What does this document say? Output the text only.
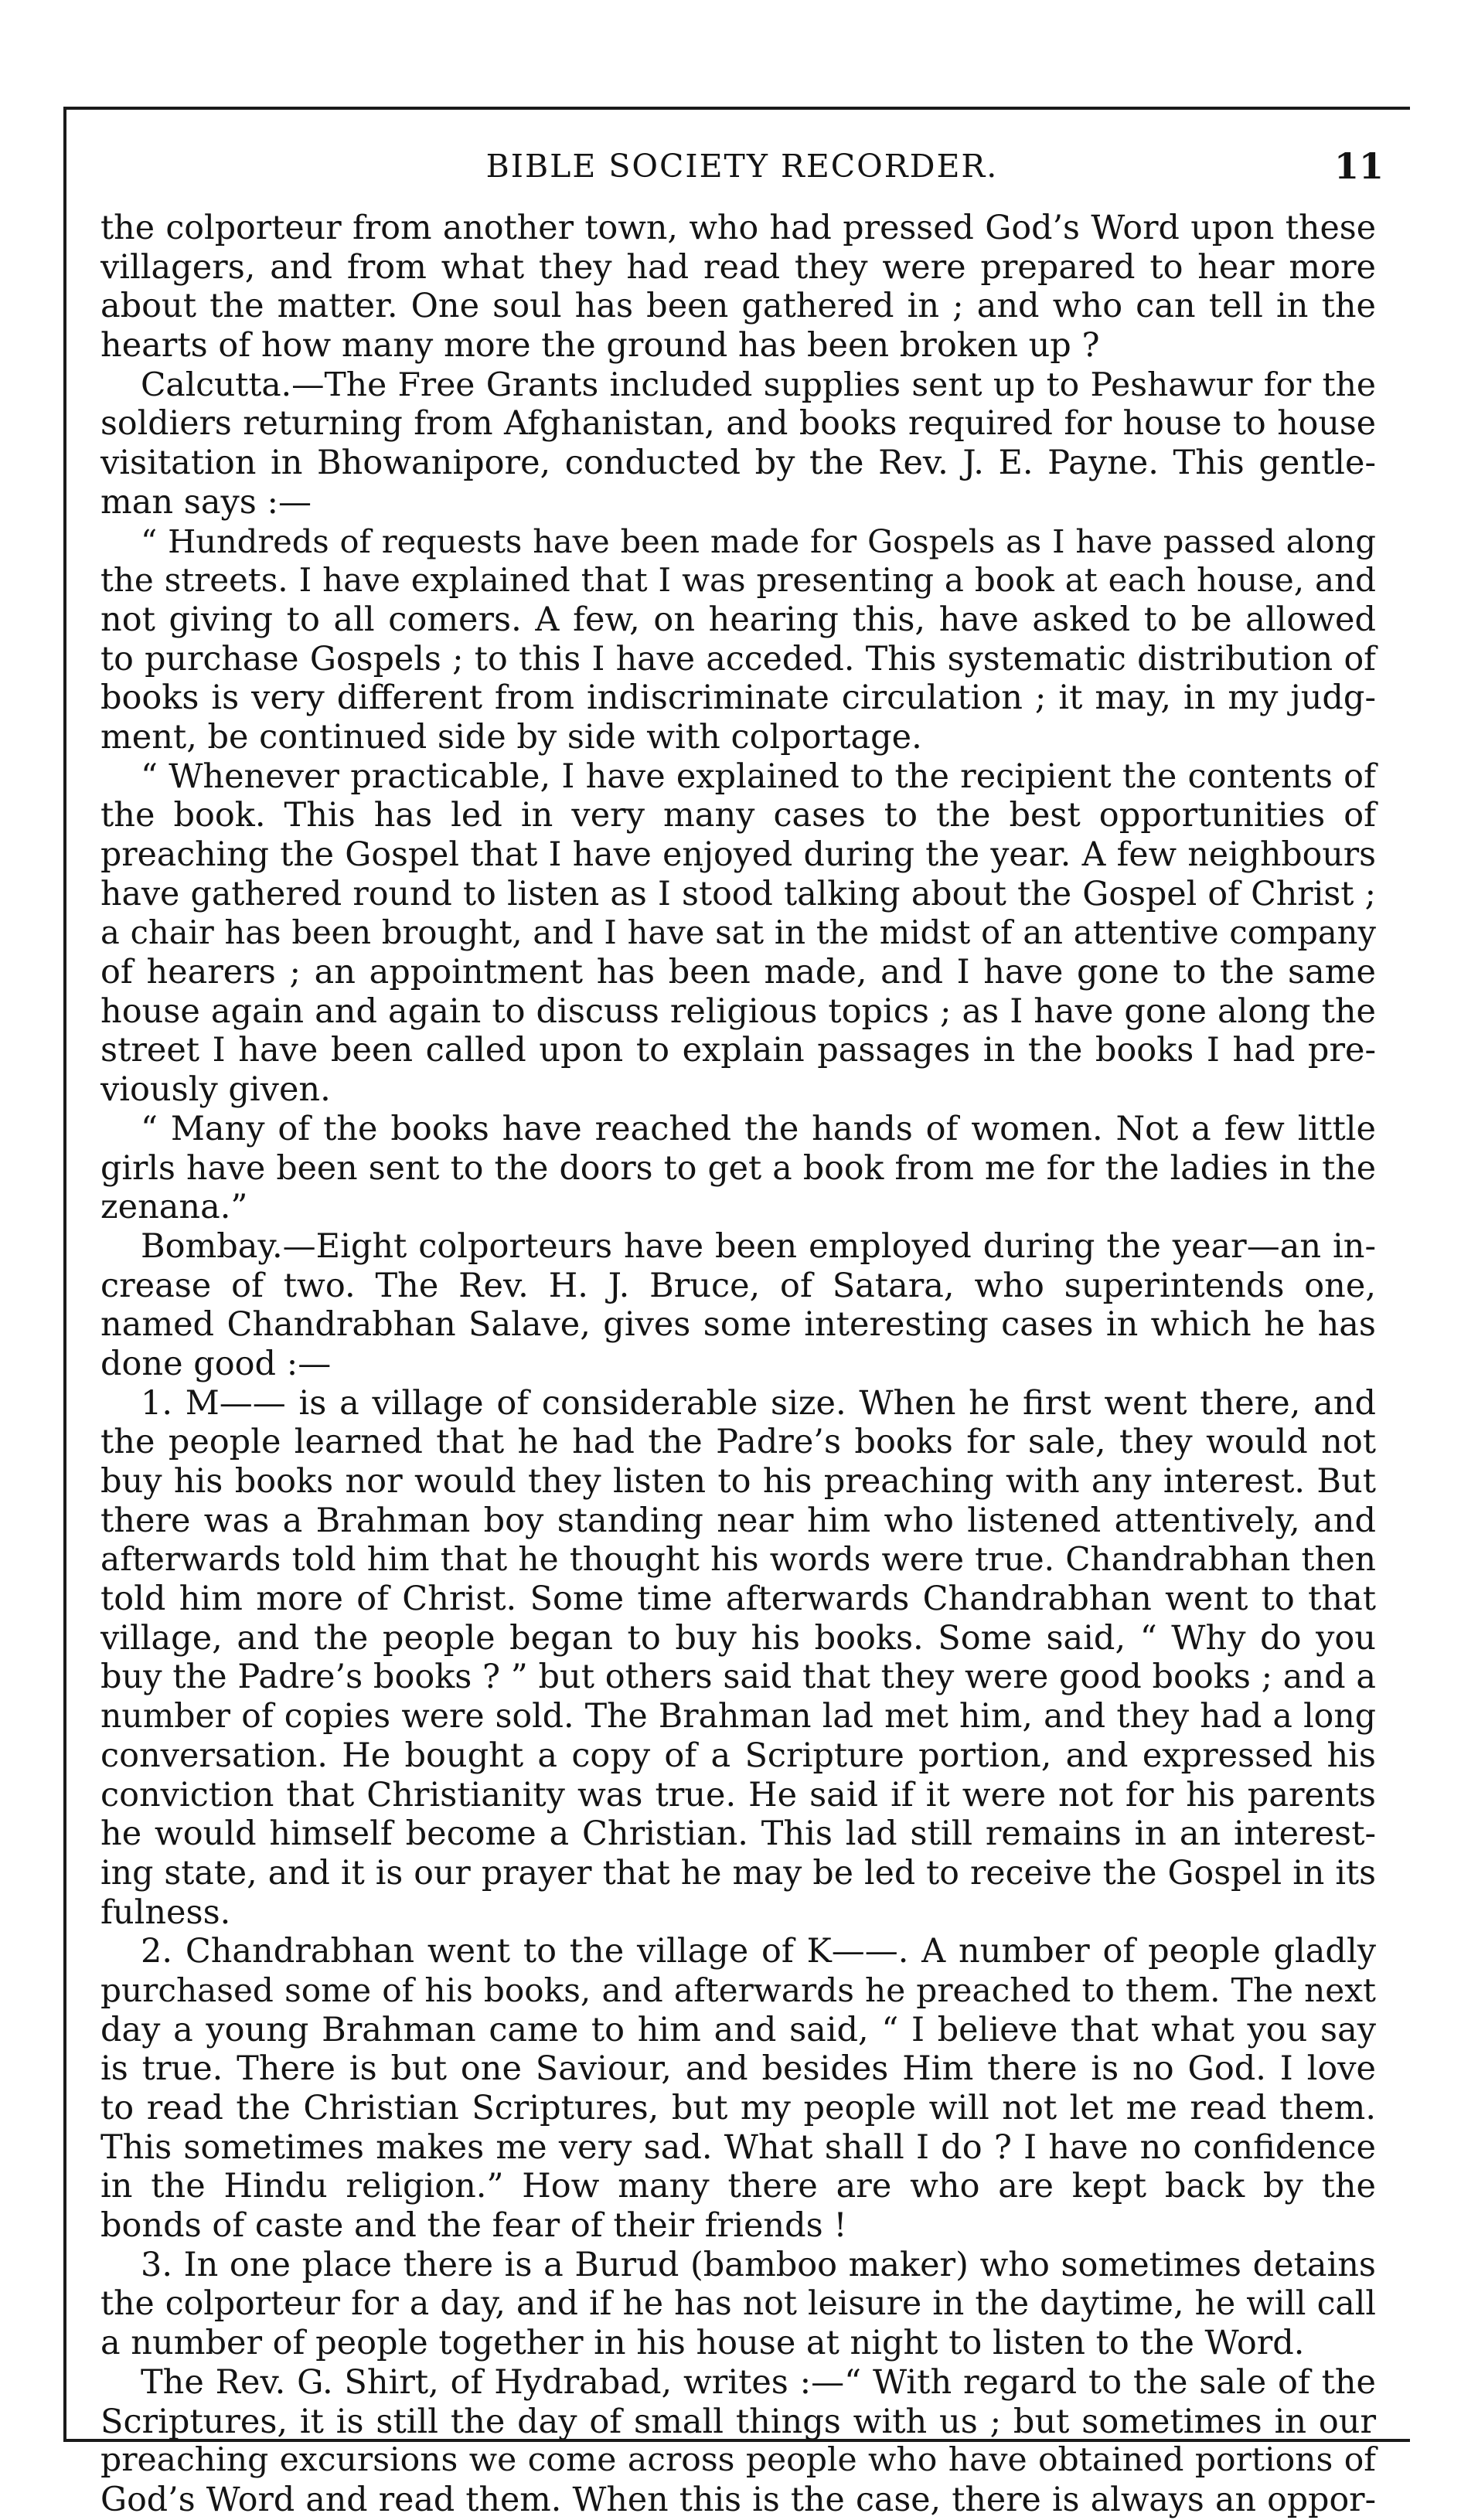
BIBLE SOCIETY RECORDER.	11
the colporteur from another town, who had pressed God’s Word upon these
villagers, and from what they had read they were prepared to hear more
about the matter. One soul has been gathered in ; and who can tell in the
hearts of how many more the ground has been broken up ?
Calcutta.—The Free Grants included supplies sent up to Peshawur for the
soldiers returning from Afghanistan, and books required for house to house
visitation in Bhowanipore, conducted by the Rev. J. E. Payne. This gentle-
man says :—
“ Hundreds of requests have been made for Gospels as I have passed along
the streets. I have explained that I was presenting a book at each house, and
not giving to all comers. A few, on hearing this, have asked to be allowed
to purchase Gospels ; to this I have acceded. This systematic distribution of
books is very different from indiscriminate circulation ; it may, in my judg-
ment, be continued side by side with colportage.
“ Whenever practicable, I have explained to the recipient the contents of
the book. This has led in very many cases to the best opportunities of
preaching the Gospel that I have enjoyed during the year. A few neighbours
have gathered round to listen as I stood talking about the Gospel of Christ ;
a chair has been brought, and I have sat in the midst of an attentive company
of hearers ; an appointment has been made, and I have gone to the same
house again and again to discuss religious topics ; as I have gone along the
street I have been called upon to explain passages in the books I had pre-
viously given.
“ Many of the books have reached the hands of women. Not a few little
girls have been sent to the doors to get a book from me for the ladies in the
zenana.”
Bombay.—Eight colporteurs have been employed during the year—an in-
crease of two. The Rev. H. J. Bruce, of Satara, who superintends one,
named Chandrabhan Salave, gives some interesting cases in which he has
done good :—
1. M—— is a village of considerable size. When he first went there, and
the people learned that he had the Padre’s books for sale, they would not
buy his books nor would they listen to his preaching with any interest. But
there was a Brahman boy standing near him who listened attentively, and
afterwards told him that he thought his words were true. Chandrabhan then
told him more of Christ. Some time afterwards Chandrabhan went to that
village, and the people began to buy his books. Some said, “ Why do you
buy the Padre’s books ? ” but others said that they were good books ; and a
number of copies were sold. The Brahman lad met him, and they had a long
conversation. He bought a copy of a Scripture portion, and expressed his
conviction that Christianity was true. He said if it were not for his parents
he would himself become a Christian. This lad still remains in an interest-
ing state, and it is our prayer that he may be led to receive the Gospel in its
fulness.
2. Chandrabhan went to the village of K——. A number of people gladly
purchased some of his books, and afterwards he preached to them. The next
day a young Brahman came to him and said, “ I believe that what you say
is true. There is but one Saviour, and besides Him there is no God. I love
to read the Christian Scriptures, but my people will not let me read them.
This sometimes makes me very sad. What shall I do ? I have no confidence
in the Hindu religion.” How many there are who are kept back by the
bonds of caste and the fear of their friends !
3. In one place there is a Burud (bamboo maker) who sometimes detains
the colporteur for a day, and if he has not leisure in the daytime, he will call
a number of people together in his house at night to listen to the Word.
The Rev. G. Shirt, of Hydrabad, writes :—“ With regard to the sale of the
Scriptures, it is still the day of small things with us ; but sometimes in our
preaching excursions we come across people who have obtained portions of
God’s Word and read them. When this is the case, there is always an oppor-
